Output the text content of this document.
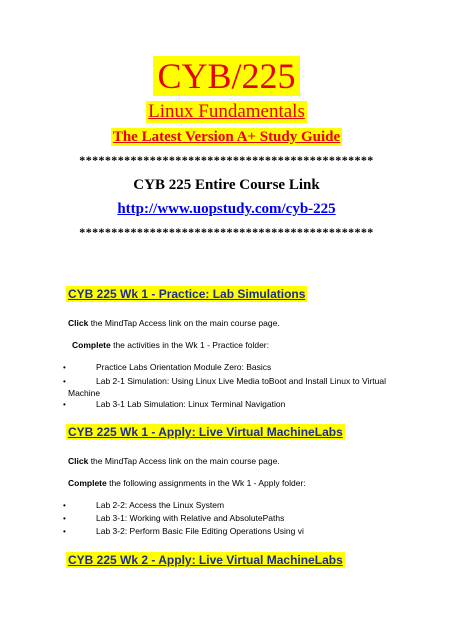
CYB/225
Linux Fundamentals
The Latest Version A+ Study Guide
**********************************************
CYB 225 Entire Course Link
http://www.uopstudy.com/cyb-225
**********************************************
CYB 225 Wk 1 - Practice: Lab Simulations
Click the MindTap Access link on the main course page.
Complete the activities in the Wk 1 - Practice folder:
•	Practice Labs Orientation Module Zero: Basics
•	Lab 2-1 Simulation: Using Linux Live Media toBoot and Install Linux to Virtual
Machine
•	Lab 3-1 Lab Simulation: Linux Terminal Navigation
CYB 225 Wk 1 - Apply: Live Virtual MachineLabs
Click the MindTap Access link on the main course page.
Complete the following assignments in the Wk 1 - Apply folder:
•	Lab 2-2: Access the Linux System
•	Lab 3-1: Working with Relative and AbsolutePaths
•	Lab 3-2: Perform Basic File Editing Operations Using vi
CYB 225 Wk 2 - Apply: Live Virtual MachineLabs
